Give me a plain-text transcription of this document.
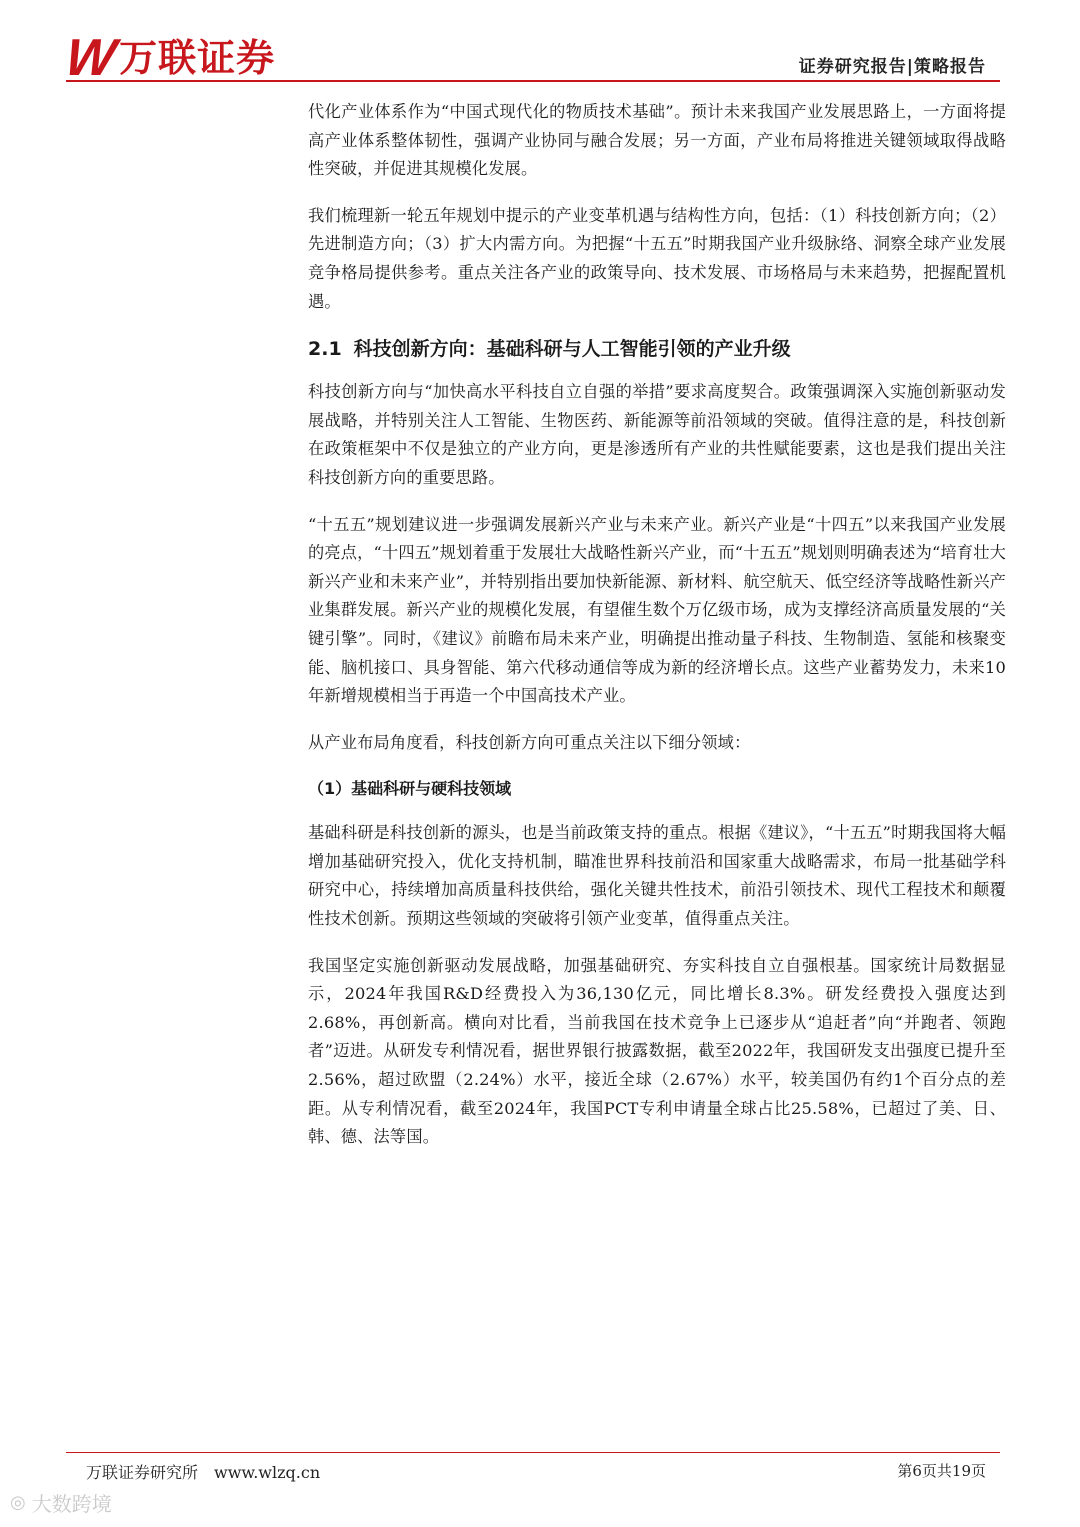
W 万联证券	证券研究报告|策略报告

代化产业体系作为“中国式现代化的物质技术基础”。预计未来我国产业发展思路上，一方面将提高产业体系整体韧性，强调产业协同与融合发展；另一方面，产业布局将推进关键领域取得战略性突破，并促进其规模化发展。

我们梳理新一轮五年规划中提示的产业变革机遇与结构性方向，包括：（1）科技创新方向；（2）先进制造方向；（3）扩大内需方向。为把握“十五五”时期我国产业升级脉络、洞察全球产业发展竞争格局提供参考。重点关注各产业的政策导向、技术发展、市场格局与未来趋势，把握配置机遇。

2.1 科技创新方向：基础科研与人工智能引领的产业升级

科技创新方向与“加快高水平科技自立自强的举措”要求高度契合。政策强调深入实施创新驱动发展战略，并特别关注人工智能、生物医药、新能源等前沿领域的突破。值得注意的是，科技创新在政策框架中不仅是独立的产业方向，更是渗透所有产业的共性赋能要素，这也是我们提出关注科技创新方向的重要思路。

“十五五”规划建议进一步强调发展新兴产业与未来产业。新兴产业是“十四五”以来我国产业发展的亮点，“十四五”规划着重于发展壮大战略性新兴产业，而“十五五”规划则明确表述为“培育壮大新兴产业和未来产业”，并特别指出要加快新能源、新材料、航空航天、低空经济等战略性新兴产业集群发展。新兴产业的规模化发展，有望催生数个万亿级市场，成为支撑经济高质量发展的“关键引擎”。同时，《建议》前瞻布局未来产业，明确提出推动量子科技、生物制造、氢能和核聚变能、脑机接口、具身智能、第六代移动通信等成为新的经济增长点。这些产业蓄势发力，未来10年新增规模相当于再造一个中国高技术产业。

从产业布局角度看，科技创新方向可重点关注以下细分领域：

（1）基础科研与硬科技领域

基础科研是科技创新的源头，也是当前政策支持的重点。根据《建议》，“十五五”时期我国将大幅增加基础研究投入，优化支持机制，瞄准世界科技前沿和国家重大战略需求，布局一批基础学科研究中心，持续增加高质量科技供给，强化关键共性技术，前沿引领技术、现代工程技术和颠覆性技术创新。预期这些领域的突破将引领产业变革，值得重点关注。

我国坚定实施创新驱动发展战略，加强基础研究、夯实科技自立自强根基。国家统计局数据显示，2024年我国R&D经费投入为36,130亿元，同比增长8.3%。研发经费投入强度达到2.68%，再创新高。横向对比看，当前我国在技术竞争上已逐步从“追赶者”向“并跑者、领跑者”迈进。从研发专利情况看，据世界银行披露数据，截至2022年，我国研发支出强度已提升至2.56%，超过欧盟（2.24%）水平，接近全球（2.67%）水平，较美国仍有约1个百分点的差距。从专利情况看，截至2024年，我国PCT专利申请量全球占比25.58%，已超过了美、日、韩、德、法等国。

万联证券研究所 www.wlzq.cn	第6页共19页
◎ 大数跨境
